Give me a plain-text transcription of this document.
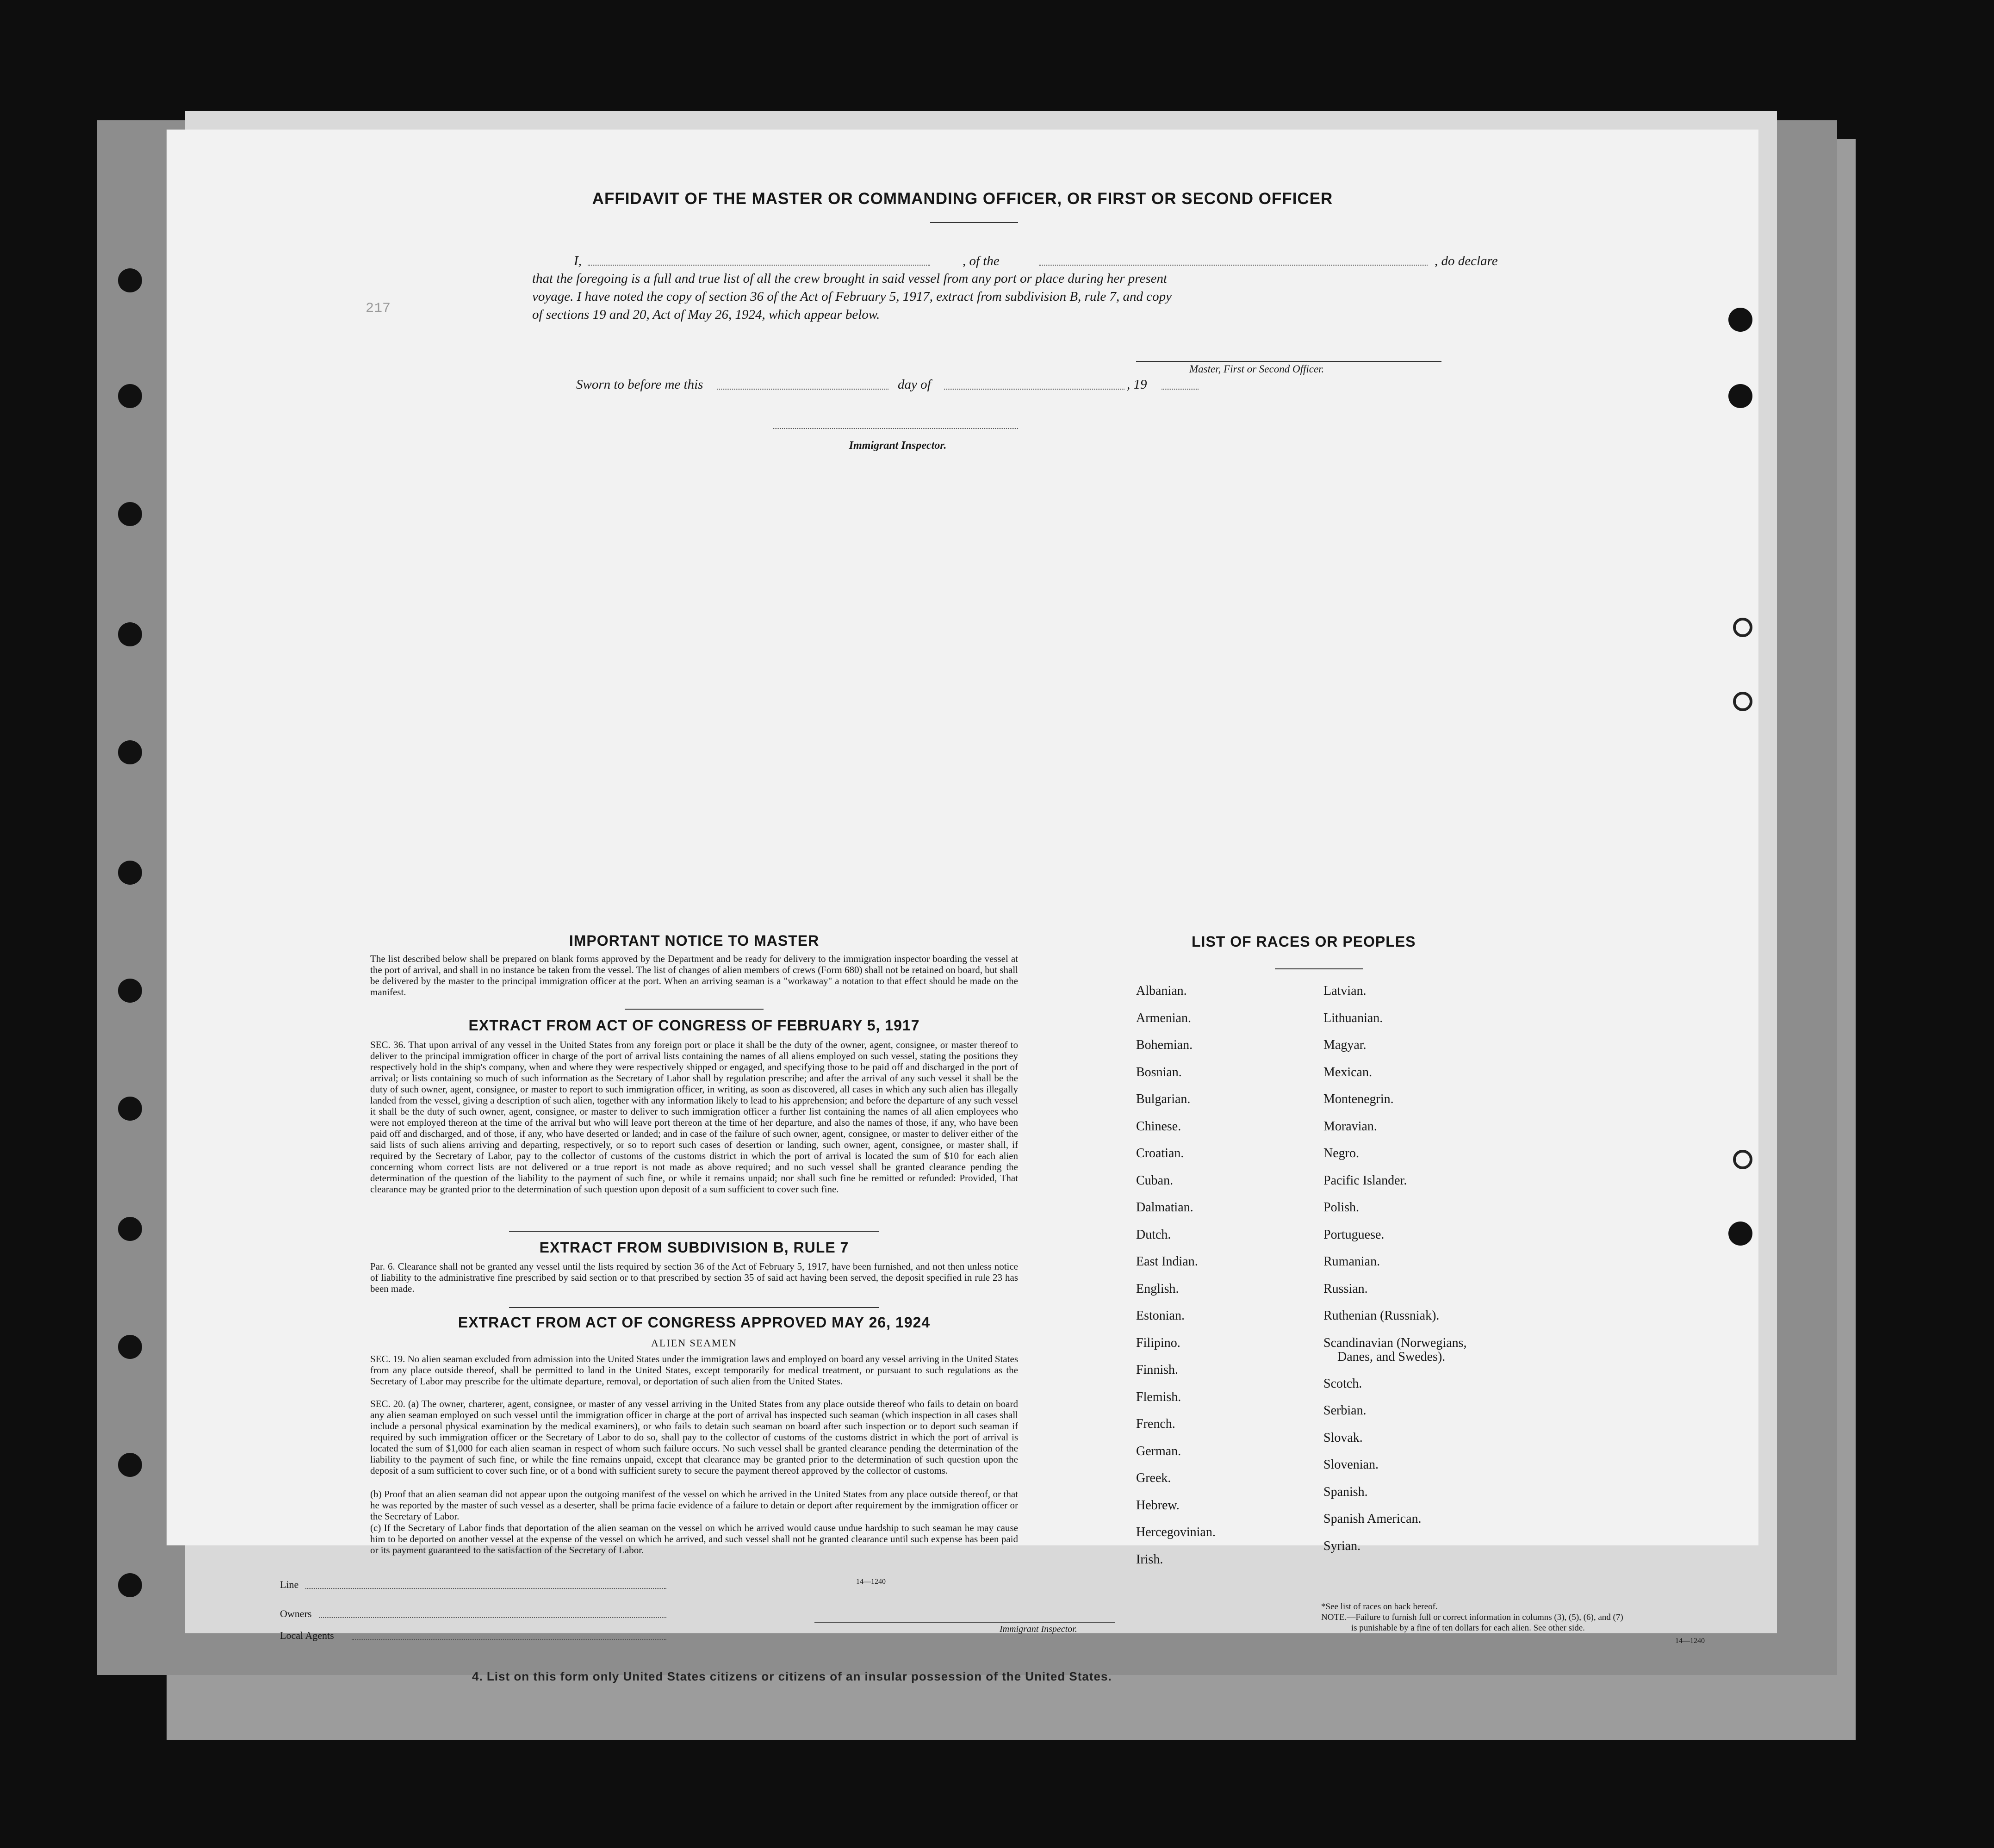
Line
Owners
Local Agents
Immigrant Inspector.
*See list of races on back hereof.
NOTE.—Failure to furnish full or correct information in columns (3), (5), (6), and (7)
is punishable by a fine of ten dollars for each alien. See other side.
14—1240
4. List on this form only United States citizens or citizens of an insular possession of the United States.
217
AFFIDAVIT OF THE MASTER OR COMMANDING OFFICER, OR FIRST OR SECOND OFFICER
I,	, of the	, do declare
that the foregoing is a full and true list of all the crew brought in said vessel from any port or place during her present
voyage. I have noted the copy of section 36 of the Act of February 5, 1917, extract from subdivision B, rule 7, and copy
of sections 19 and 20, Act of May 26, 1924, which appear below.
Master, First or Second Officer.
Sworn to before me this	day of	, 19
Immigrant Inspector.
IMPORTANT NOTICE TO MASTER
The list described below shall be prepared on blank forms approved by the Department and be ready for delivery to the immigration inspector boarding the vessel at the port of arrival, and shall in no instance be taken from the vessel. The list of changes of alien members of crews (Form 680) shall not be retained on board, but shall be delivered by the master to the principal immigration officer at the port. When an arriving seaman is a "workaway" a notation to that effect should be made on the manifest.
EXTRACT FROM ACT OF CONGRESS OF FEBRUARY 5, 1917
SEC. 36. That upon arrival of any vessel in the United States from any foreign port or place it shall be the duty of the owner, agent, consignee, or master thereof to deliver to the principal immigration officer in charge of the port of arrival lists containing the names of all aliens employed on such vessel, stating the positions they respectively hold in the ship's company, when and where they were respectively shipped or engaged, and specifying those to be paid off and discharged in the port of arrival; or lists containing so much of such information as the Secretary of Labor shall by regulation prescribe; and after the arrival of any such vessel it shall be the duty of such owner, agent, consignee, or master to report to such immigration officer, in writing, as soon as discovered, all cases in which any such alien has illegally landed from the vessel, giving a description of such alien, together with any information likely to lead to his apprehension; and before the departure of any such vessel it shall be the duty of such owner, agent, consignee, or master to deliver to such immigration officer a further list containing the names of all alien employees who were not employed thereon at the time of the arrival but who will leave port thereon at the time of her departure, and also the names of those, if any, who have been paid off and discharged, and of those, if any, who have deserted or landed; and in case of the failure of such owner, agent, consignee, or master to deliver either of the said lists of such aliens arriving and departing, respectively, or so to report such cases of desertion or landing, such owner, agent, consignee, or master shall, if required by the Secretary of Labor, pay to the collector of customs of the customs district in which the port of arrival is located the sum of $10 for each alien concerning whom correct lists are not delivered or a true report is not made as above required; and no such vessel shall be granted clearance pending the determination of the question of the liability to the payment of such fine, or while it remains unpaid; nor shall such fine be remitted or refunded: Provided, That clearance may be granted prior to the determination of such question upon deposit of a sum sufficient to cover such fine.
EXTRACT FROM SUBDIVISION B, RULE 7
Par. 6. Clearance shall not be granted any vessel until the lists required by section 36 of the Act of February 5, 1917, have been furnished, and not then unless notice of liability to the administrative fine prescribed by said section or to that prescribed by section 35 of said act having been served, the deposit specified in rule 23 has been made.
EXTRACT FROM ACT OF CONGRESS APPROVED MAY 26, 1924
ALIEN SEAMEN
SEC. 19. No alien seaman excluded from admission into the United States under the immigration laws and employed on board any vessel arriving in the United States from any place outside thereof, shall be permitted to land in the United States, except temporarily for medical treatment, or pursuant to such regulations as the Secretary of Labor may prescribe for the ultimate departure, removal, or deportation of such alien from the United States.
SEC. 20. (a) The owner, charterer, agent, consignee, or master of any vessel arriving in the United States from any place outside thereof who fails to detain on board any alien seaman employed on such vessel until the immigration officer in charge at the port of arrival has inspected such seaman (which inspection in all cases shall include a personal physical examination by the medical examiners), or who fails to detain such seaman on board after such inspection or to deport such seaman if required by such immigration officer or the Secretary of Labor to do so, shall pay to the collector of customs of the customs district in which the port of arrival is located the sum of $1,000 for each alien seaman in respect of whom such failure occurs. No such vessel shall be granted clearance pending the determination of the liability to the payment of such fine, or while the fine remains unpaid, except that clearance may be granted prior to the determination of such question upon the deposit of a sum sufficient to cover such fine, or of a bond with sufficient surety to secure the payment thereof approved by the collector of customs.
(b) Proof that an alien seaman did not appear upon the outgoing manifest of the vessel on which he arrived in the United States from any place outside thereof, or that he was reported by the master of such vessel as a deserter, shall be prima facie evidence of a failure to detain or deport after requirement by the immigration officer or the Secretary of Labor.
(c) If the Secretary of Labor finds that deportation of the alien seaman on the vessel on which he arrived would cause undue hardship to such seaman he may cause him to be deported on another vessel at the expense of the vessel on which he arrived, and such vessel shall not be granted clearance until such expense has been paid or its payment guaranteed to the satisfaction of the Secretary of Labor.
14—1240
LIST OF RACES OR PEOPLES
Albanian.
Armenian.
Bohemian.
Bosnian.
Bulgarian.
Chinese.
Croatian.
Cuban.
Dalmatian.
Dutch.
East Indian.
English.
Estonian.
Filipino.
Finnish.
Flemish.
French.
German.
Greek.
Hebrew.
Hercegovinian.
Irish.
Latvian.
Lithuanian.
Magyar.
Mexican.
Montenegrin.
Moravian.
Negro.
Pacific Islander.
Polish.
Portuguese.
Rumanian.
Russian.
Ruthenian (Russniak).
Scandinavian (Norwegians,
Danes, and Swedes).
Scotch.
Serbian.
Slovak.
Slovenian.
Spanish.
Spanish American.
Syrian.
